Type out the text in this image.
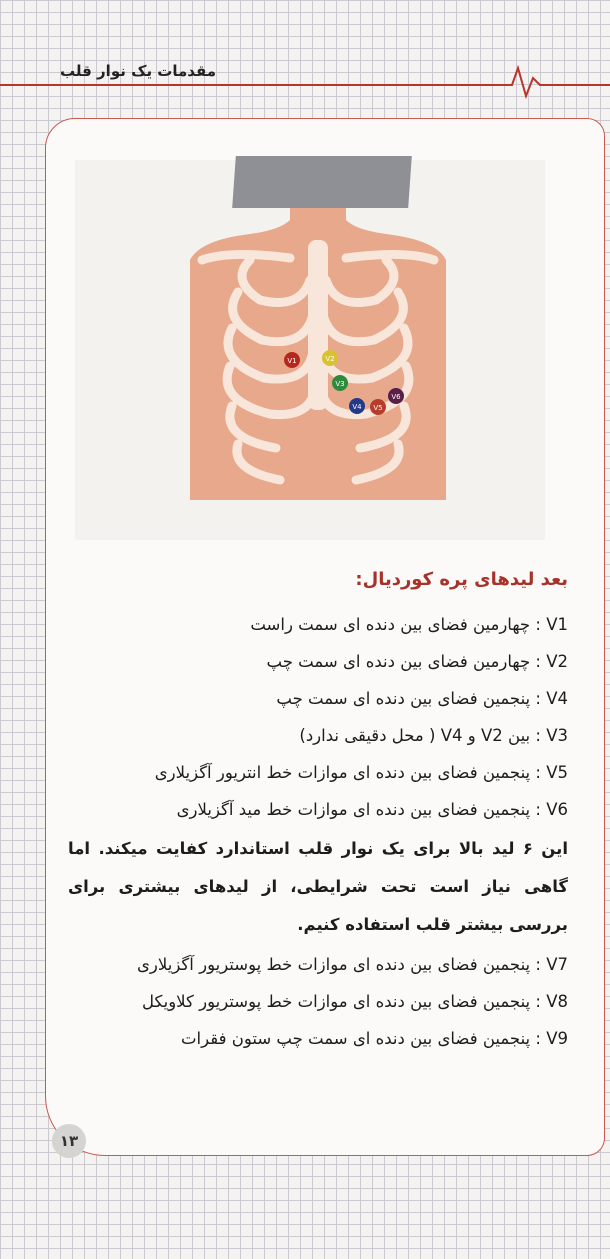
مقدمات یک نوار قلب
V1	V2
V3
V4 V5
V6
بعد لیدهای پره کوردیال:
V1 : چهارمین فضای بین دنده ای سمت راست
V2 : چهارمین فضای بین دنده ای سمت چپ
V4 : پنجمین فضای بین دنده ای سمت چپ
V3 : بین V2 و V4 ( محل دقیقی ندارد)
V5 : پنجمین فضای بین دنده ای موازات خط انتریور آگزیلاری
V6 : پنجمین فضای بین دنده ای موازات خط مید آگزیلاری
این ۶ لید بالا برای یک نوار قلب استاندارد کفایت میکند. اما گاهی نیاز است تحت شرایطی، از لیدهای بیشتری برای بررسی بیشتر قلب استفاده کنیم.
V7 : پنجمین فضای بین دنده ای موازات خط پوستریور آگزیلاری
V8 : پنجمین فضای بین دنده ای موازات خط پوستریور کلاویکل
V9 : پنجمین فضای بین دنده ای سمت چپ ستون فقرات
۱۳
